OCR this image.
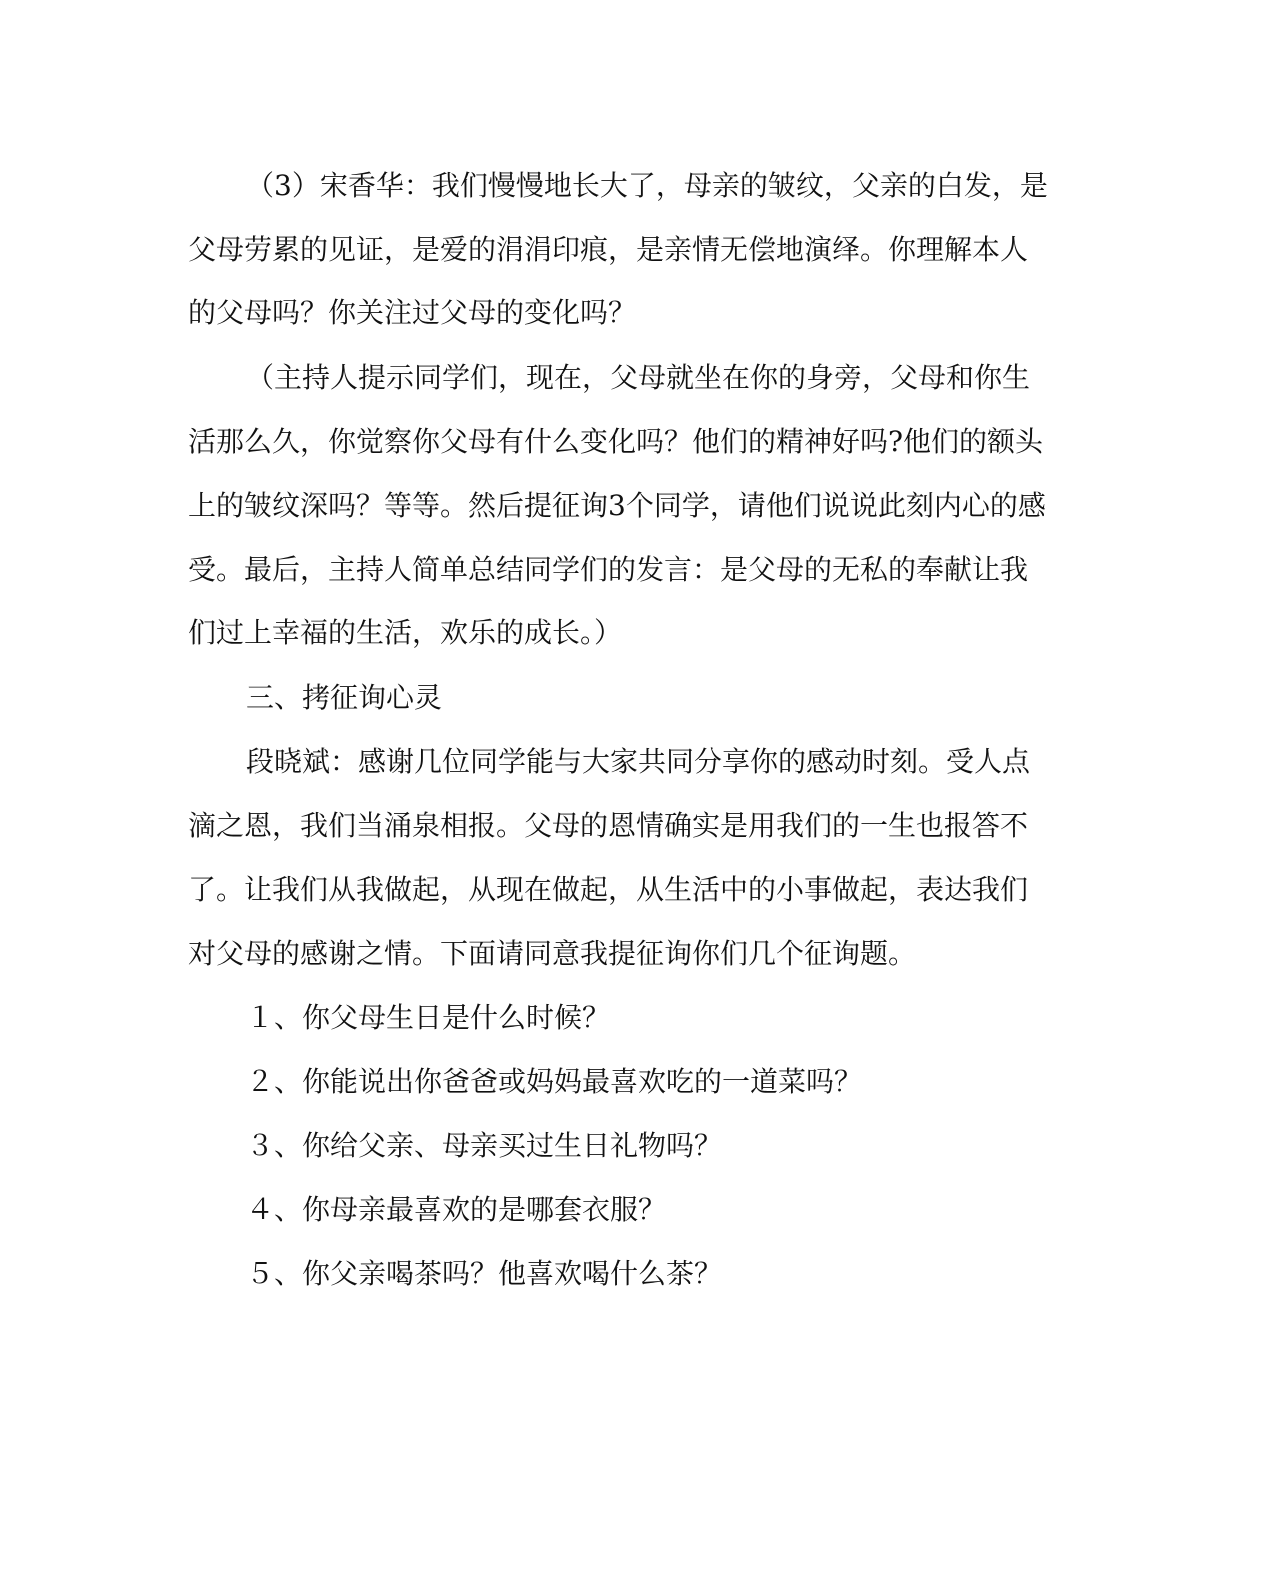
（3）宋香华：我们慢慢地长大了，母亲的皱纹，父亲的白发，是
父母劳累的见证，是爱的涓涓印痕，是亲情无偿地演绎。你理解本人
的父母吗？你关注过父母的变化吗？
（主持人提示同学们，现在，父母就坐在你的身旁，父母和你生
活那么久，你觉察你父母有什么变化吗？他们的精神好吗?他们的额头
上的皱纹深吗？等等。然后提征询3个同学，请他们说说此刻内心的感
受。最后，主持人简单总结同学们的发言：是父母的无私的奉献让我
们过上幸福的生活，欢乐的成长。）
三、拷征询心灵
段晓斌：感谢几位同学能与大家共同分享你的感动时刻。受人点
滴之恩，我们当涌泉相报。父母的恩情确实是用我们的一生也报答不
了。让我们从我做起，从现在做起，从生活中的小事做起，表达我们
对父母的感谢之情。下面请同意我提征询你们几个征询题。
１、你父母生日是什么时候？
２、你能说出你爸爸或妈妈最喜欢吃的一道菜吗？
３、你给父亲、母亲买过生日礼物吗？
４、你母亲最喜欢的是哪套衣服？
５、你父亲喝茶吗？他喜欢喝什么茶？
